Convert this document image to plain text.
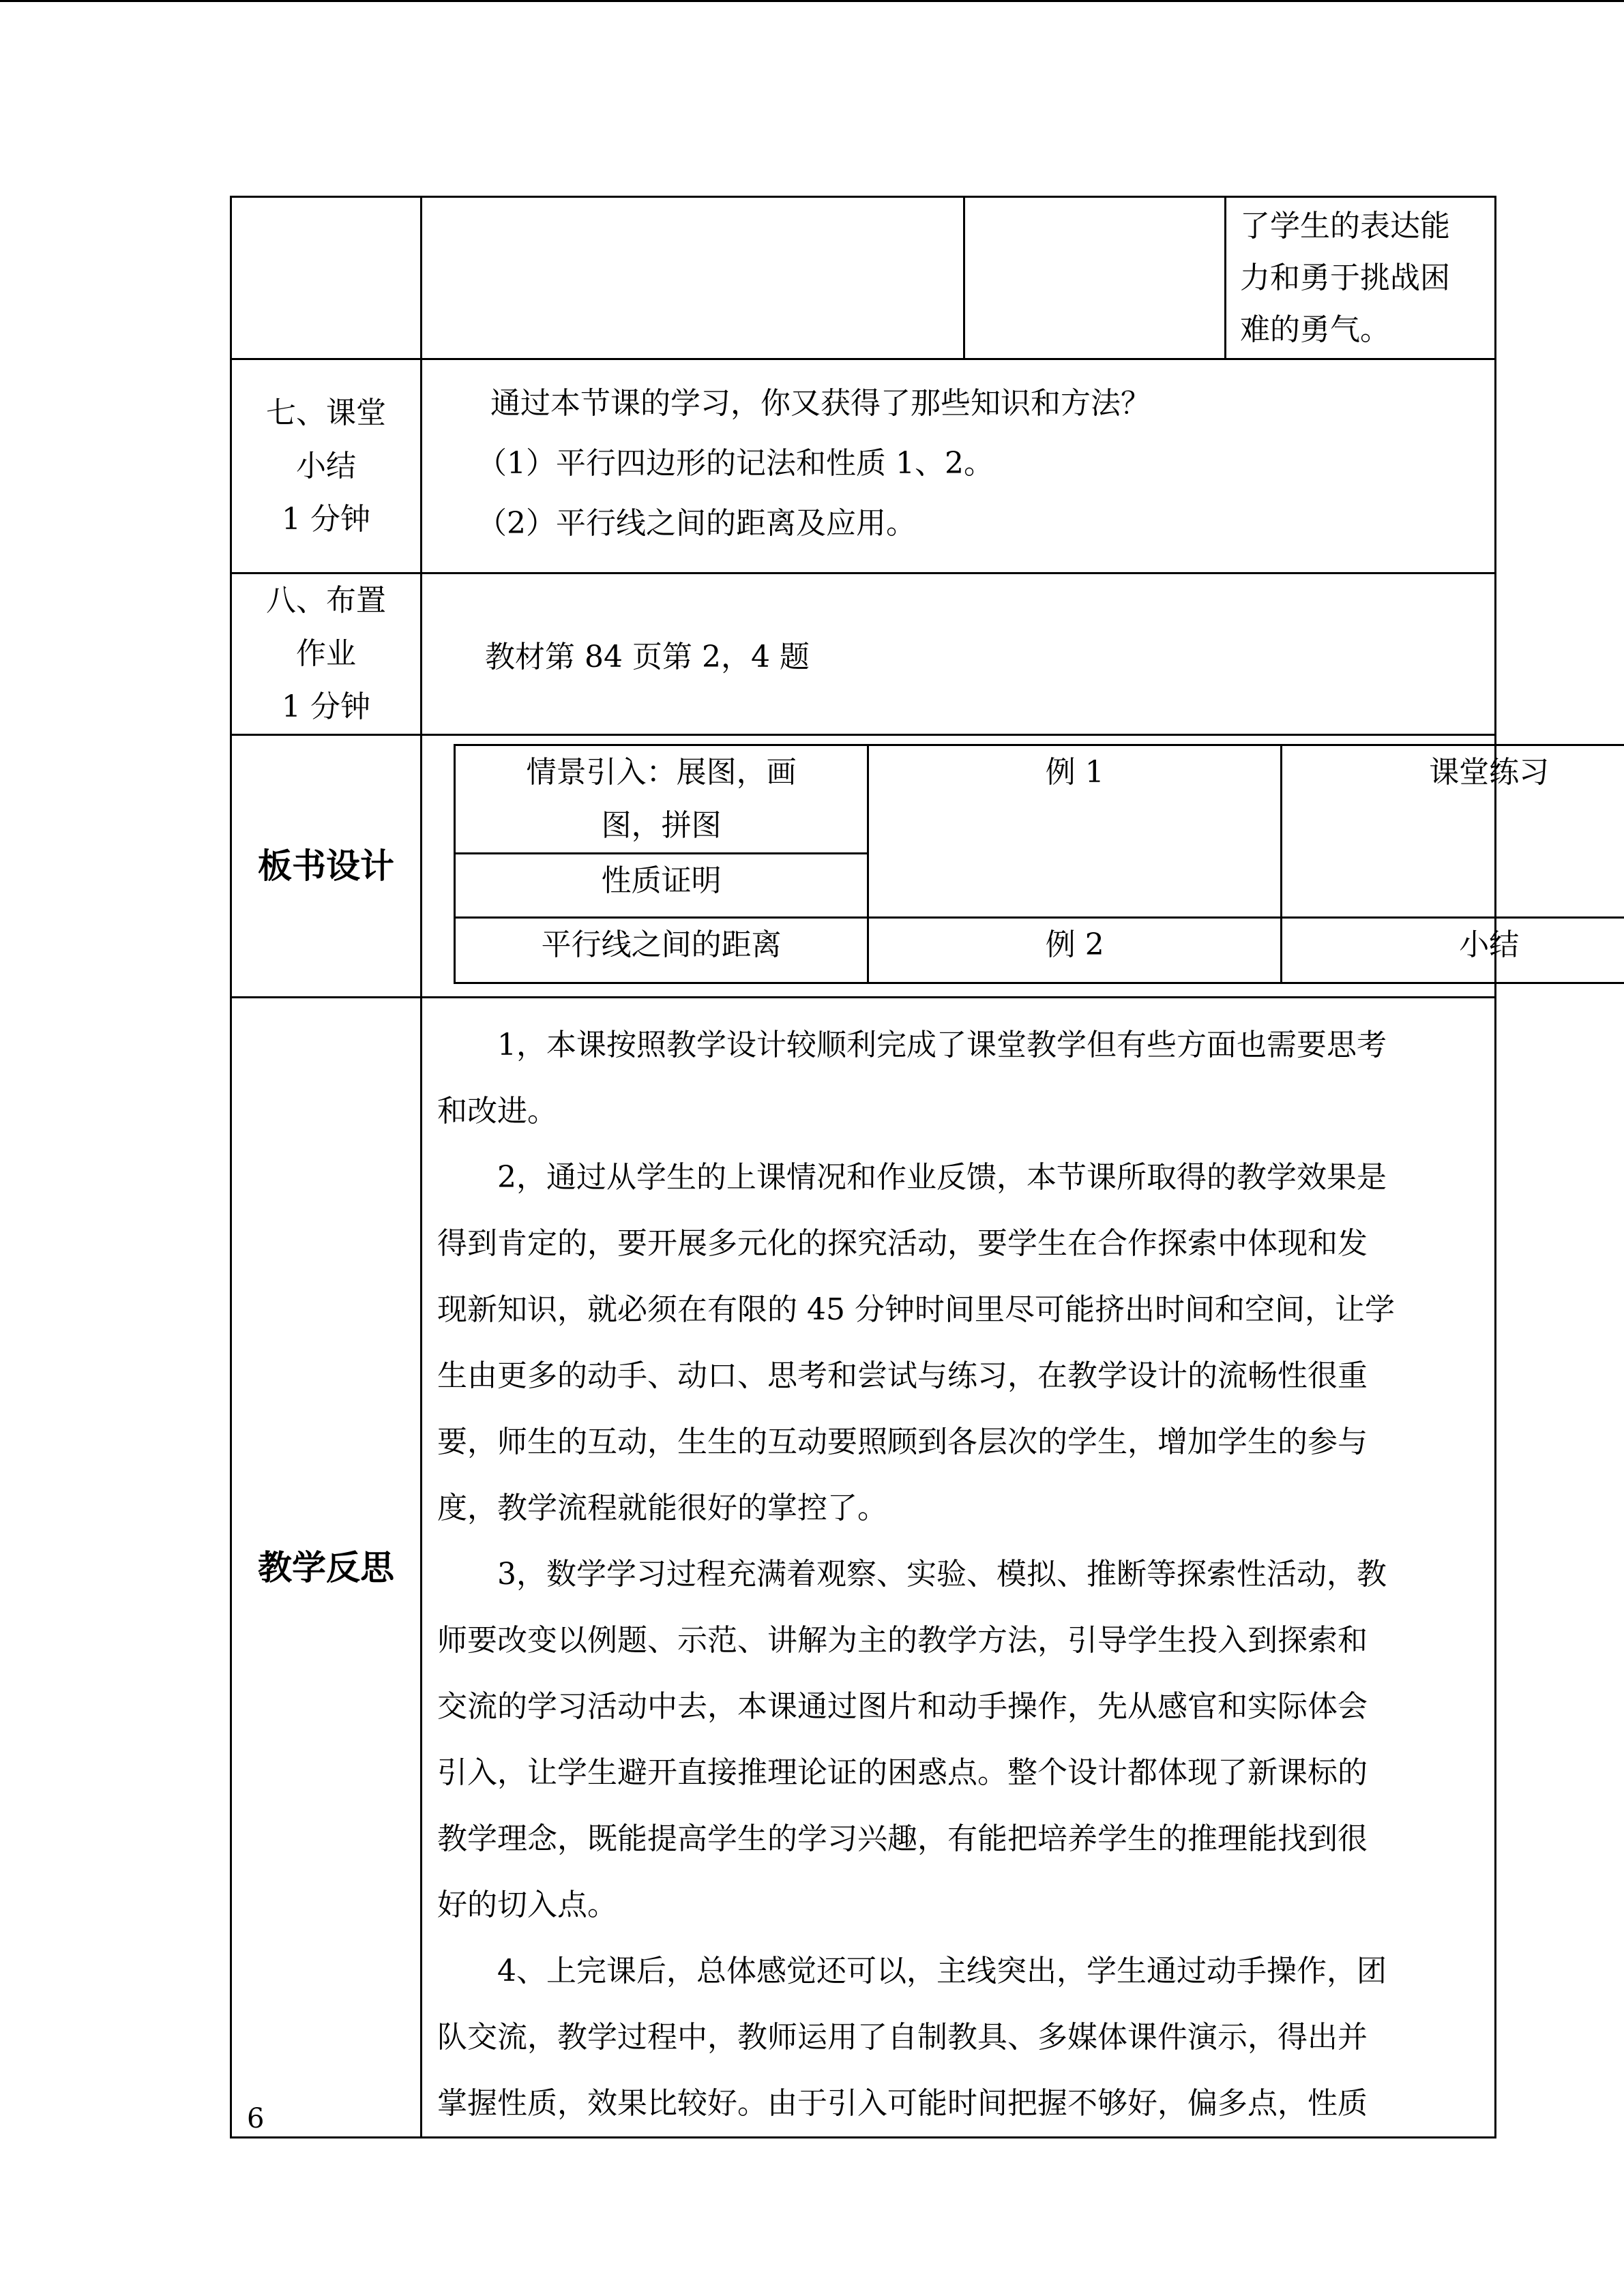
了学生的表达能
力和勇于挑战困
难的勇气。

七、课堂
小结
1 分钟

通过本节课的学习，你又获得了那些知识和方法？
（1）平行四边形的记法和性质 1、2。
（2）平行线之间的距离及应用。

八、布置
作业
1 分钟

教材第 84 页第 2，4 题

板书设计	
情景引入：展图，画
图，拼图
	例 1	课堂练习
性质证明
平行线之间的距离	例 2	小结

教学反思	
1，本课按照教学设计较顺利完成了课堂教学但有些方面也需要思考
和改进。
2，通过从学生的上课情况和作业反馈，本节课所取得的教学效果是
得到肯定的，要开展多元化的探究活动，要学生在合作探索中体现和发
现新知识，就必须在有限的 45 分钟时间里尽可能挤出时间和空间，让学
生由更多的动手、动口、思考和尝试与练习，在教学设计的流畅性很重
要，师生的互动，生生的互动要照顾到各层次的学生，增加学生的参与
度，教学流程就能很好的掌控了。
3，数学学习过程充满着观察、实验、模拟、推断等探索性活动，教
师要改变以例题、示范、讲解为主的教学方法，引导学生投入到探索和
交流的学习活动中去，本课通过图片和动手操作，先从感官和实际体会
引入，让学生避开直接推理论证的困惑点。整个设计都体现了新课标的
教学理念，既能提高学生的学习兴趣，有能把培养学生的推理能找到很
好的切入点。
4、上完课后，总体感觉还可以，主线突出，学生通过动手操作，团
队交流，教学过程中，教师运用了自制教具、多媒体课件演示，得出并
掌握性质，效果比较好。由于引入可能时间把握不够好，偏多点，性质
6
